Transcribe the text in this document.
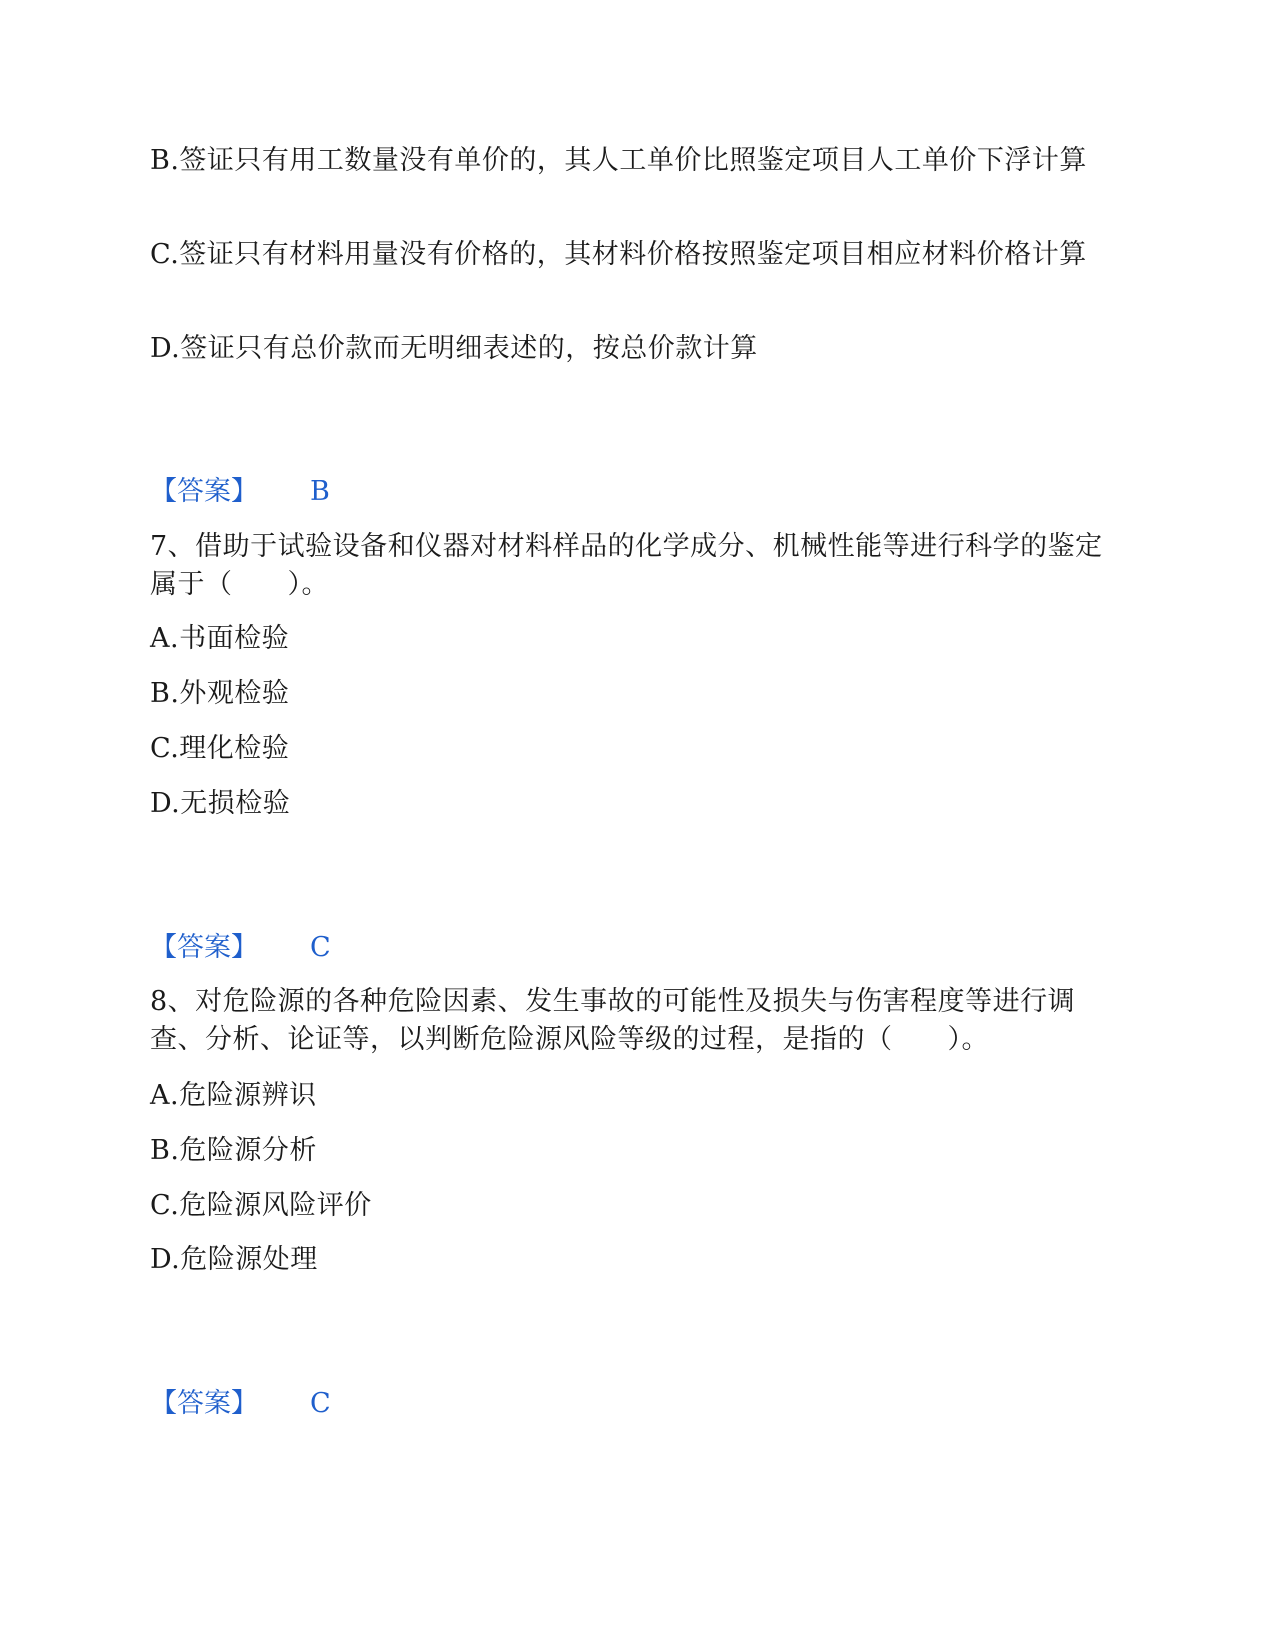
B.签证只有用工数量没有单价的，其人工单价比照鉴定项目人工单价下浮计算
C.签证只有材料用量没有价格的，其材料价格按照鉴定项目相应材料价格计算
D.签证只有总价款而无明细表述的，按总价款计算
【答案】 B
7、借助于试验设备和仪器对材料样品的化学成分、机械性能等进行科学的鉴定属于（　　）。
A.书面检验
B.外观检验
C.理化检验
D.无损检验
【答案】 C
8、对危险源的各种危险因素、发生事故的可能性及损失与伤害程度等进行调查、分析、论证等，以判断危险源风险等级的过程，是指的（　　）。
A.危险源辨识
B.危险源分析
C.危险源风险评价
D.危险源处理
【答案】 C
